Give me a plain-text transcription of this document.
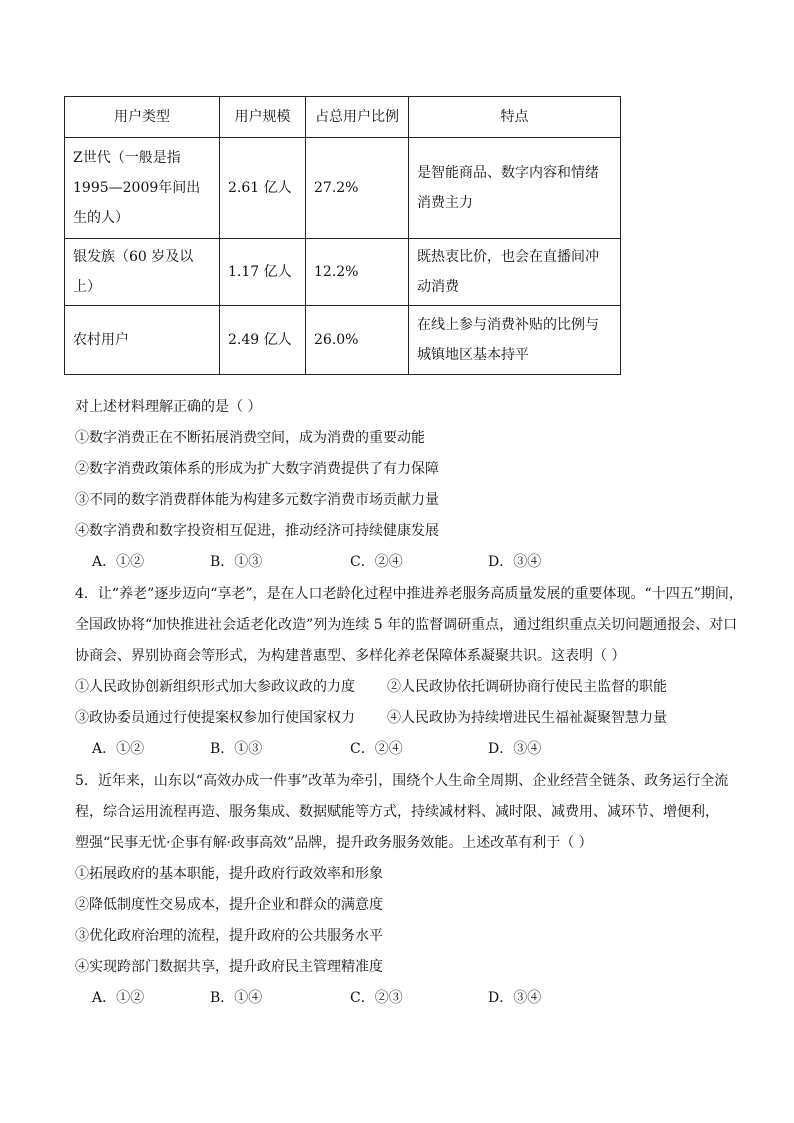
用户类型	用户规模	占总用户比例	特点
Z世代（一般是指1995—2009年间出生的人）	2.61 亿人	27.2%	是智能商品、数字内容和情绪消费主力
银发族（60 岁及以上）	1.17 亿人	12.2%	既热衷比价，也会在直播间冲动消费
农村用户	2.49 亿人	26.0%	在线上参与消费补贴的比例与城镇地区基本持平
对上述材料理解正确的是（ ）
①数字消费正在不断拓展消费空间，成为消费的重要动能
②数字消费政策体系的形成为扩大数字消费提供了有力保障
③不同的数字消费群体能为构建多元数字消费市场贡献力量
④数字消费和数字投资相互促进，推动经济可持续健康发展
A．①②	B．①③	C．②④	D．③④
4．让“养老”逐步迈向“享老”，是在人口老龄化过程中推进养老服务高质量发展的重要体现。“十四五”期间，
全国政协将“加快推进社会适老化改造”列为连续 5 年的监督调研重点，通过组织重点关切问题通报会、对口
协商会、界别协商会等形式，为构建普惠型、多样化养老保障体系凝聚共识。这表明（ ）
①人民政协创新组织形式加大参政议政的力度 ②人民政协依托调研协商行使民主监督的职能
③政协委员通过行使提案权参加行使国家权力 ④人民政协为持续增进民生福祉凝聚智慧力量
A．①②	B．①③	C．②④	D．③④
5．近年来，山东以“高效办成一件事”改革为牵引，围绕个人生命全周期、企业经营全链条、政务运行全流
程，综合运用流程再造、服务集成、数据赋能等方式，持续减材料、减时限、减费用、减环节、增便利，
塑强“民事无忧·企事有解·政事高效”品牌，提升政务服务效能。上述改革有利于（ ）
①拓展政府的基本职能，提升政府行政效率和形象
②降低制度性交易成本，提升企业和群众的满意度
③优化政府治理的流程，提升政府的公共服务水平
④实现跨部门数据共享，提升政府民主管理精准度
A．①②	B．①④	C．②③	D．③④
